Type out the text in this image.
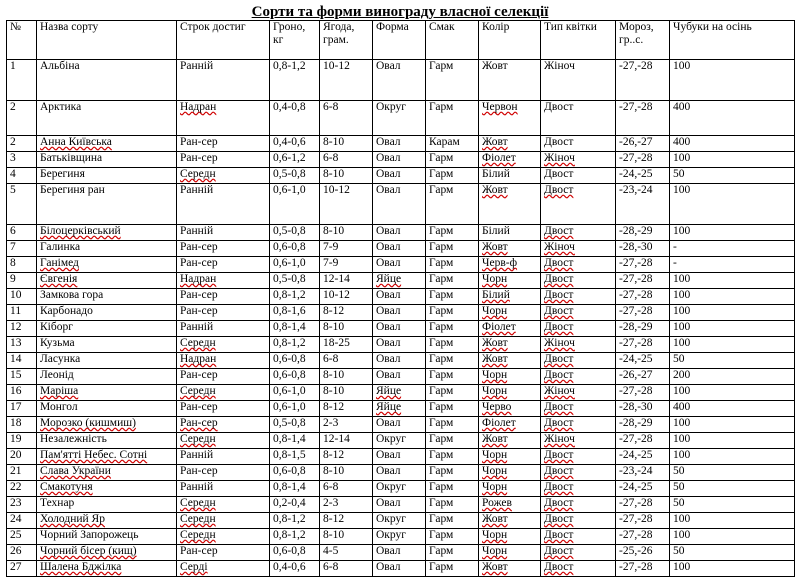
Сорти та форми винограду власної селекції
№	Назва сорту	Строк достиг	Гроно, кг	Ягода, грам.	Форма	Смак	Колір	Тип квітки	Мороз, гр..с.	Чубуки на осінь
1	Альбіна	Ранній	0,8-1,2	10-12	Овал	Гарм	Жовт	Жіноч	-27,-28	100
2	Арктика	Надран	0,4-0,8	6-8	Округ	Гарм	Червон	Двост	-27,-28	400
2	Анна Київська	Ран-сер	0,4-0,6	8-10	Овал	Карам	Жовт	Двост	-26,-27	400
3	Батьківщина	Ран-сер	0,6-1,2	6-8	Овал	Гарм	Фіолет	Жіноч	-27,-28	100
4	Берегиня	Середн	0,5-0,8	8-10	Овал	Гарм	Білий	Двост	-24,-25	50
5	Берегиня ран	Ранній	0,6-1,0	10-12	Овал	Гарм	Жовт	Двост	-23,-24	100
6	Білоцерківський	Ранній	0,5-0,8	8-10	Овал	Гарм	Білий	Двост	-28,-29	100
7	Галинка	Ран-сер	0,6-0,8	7-9	Овал	Гарм	Жовт	Жіноч	-28,-30	-
8	Ганімед	Ран-сер	0,6-1,0	7-9	Овал	Гарм	Черв-ф	Двост	-27,-28	-
9	Євгенія	Надран	0,5-0,8	12-14	Яйце	Гарм	Чорн	Двост	-27,-28	100
10	Замкова гора	Ран-сер	0,8-1,2	10-12	Овал	Гарм	Білий	Двост	-27,-28	100
11	Карбонадо	Ран-сер	0,8-1,6	8-12	Овал	Гарм	Чорн	Двост	-27,-28	100
12	Кіборг	Ранній	0,8-1,4	8-10	Овал	Гарм	Фіолет	Двост	-28,-29	100
13	Кузьма	Середн	0,8-1,2	18-25	Овал	Гарм	Жовт	Жіноч	-27,-28	100
14	Ласунка	Надран	0,6-0,8	6-8	Овал	Гарм	Жовт	Двост	-24,-25	50
15	Леонід	Ран-сер	0,6-0,8	8-10	Овал	Гарм	Чорн	Двост	-26,-27	200
16	Маріша	Середн	0,6-1,0	8-10	Яйце	Гарм	Чорн	Жіноч	-27,-28	100
17	Монгол	Ран-сер	0,6-1,0	8-12	Яйце	Гарм	Черво	Двост	-28,-30	400
18	Морозко (кишмиш)	Ран-сер	0,5-0,8	2-3	Овал	Гарм	Фіолет	Двост	-28,-29	100
19	Незалежність	Середн	0,8-1,4	12-14	Округ	Гарм	Жовт	Жіноч	-27,-28	100
20	Пам'ятті Небес. Сотні	Ранній	0,8-1,5	8-12	Овал	Гарм	Чорн	Двост	-24,-25	100
21	Слава України	Ран-сер	0,6-0,8	8-10	Овал	Гарм	Чорн	Двост	-23,-24	50
22	Смакотуня	Ранній	0,8-1,4	6-8	Округ	Гарм	Чорн	Двост	-24,-25	50
23	Технар	Середн	0,2-0,4	2-3	Овал	Гарм	Рожев	Двост	-27,-28	50
24	Холодний Яр	Середн	0,8-1,2	8-12	Округ	Гарм	Жовт	Двост	-27,-28	100
25	Чорний Запорожець	Середн	0,8-1,2	8-10	Округ	Гарм	Чорн	Двост	-27,-28	100
26	Чорний бісер (кищ)	Ран-сер	0,6-0,8	4-5	Овал	Гарм	Чорн	Двост	-25,-26	50
27	Шалена Бджілка	Серді	0,4-0,6	6-8	Овал	Гарм	Жовт	Двост	-27,-28	100
